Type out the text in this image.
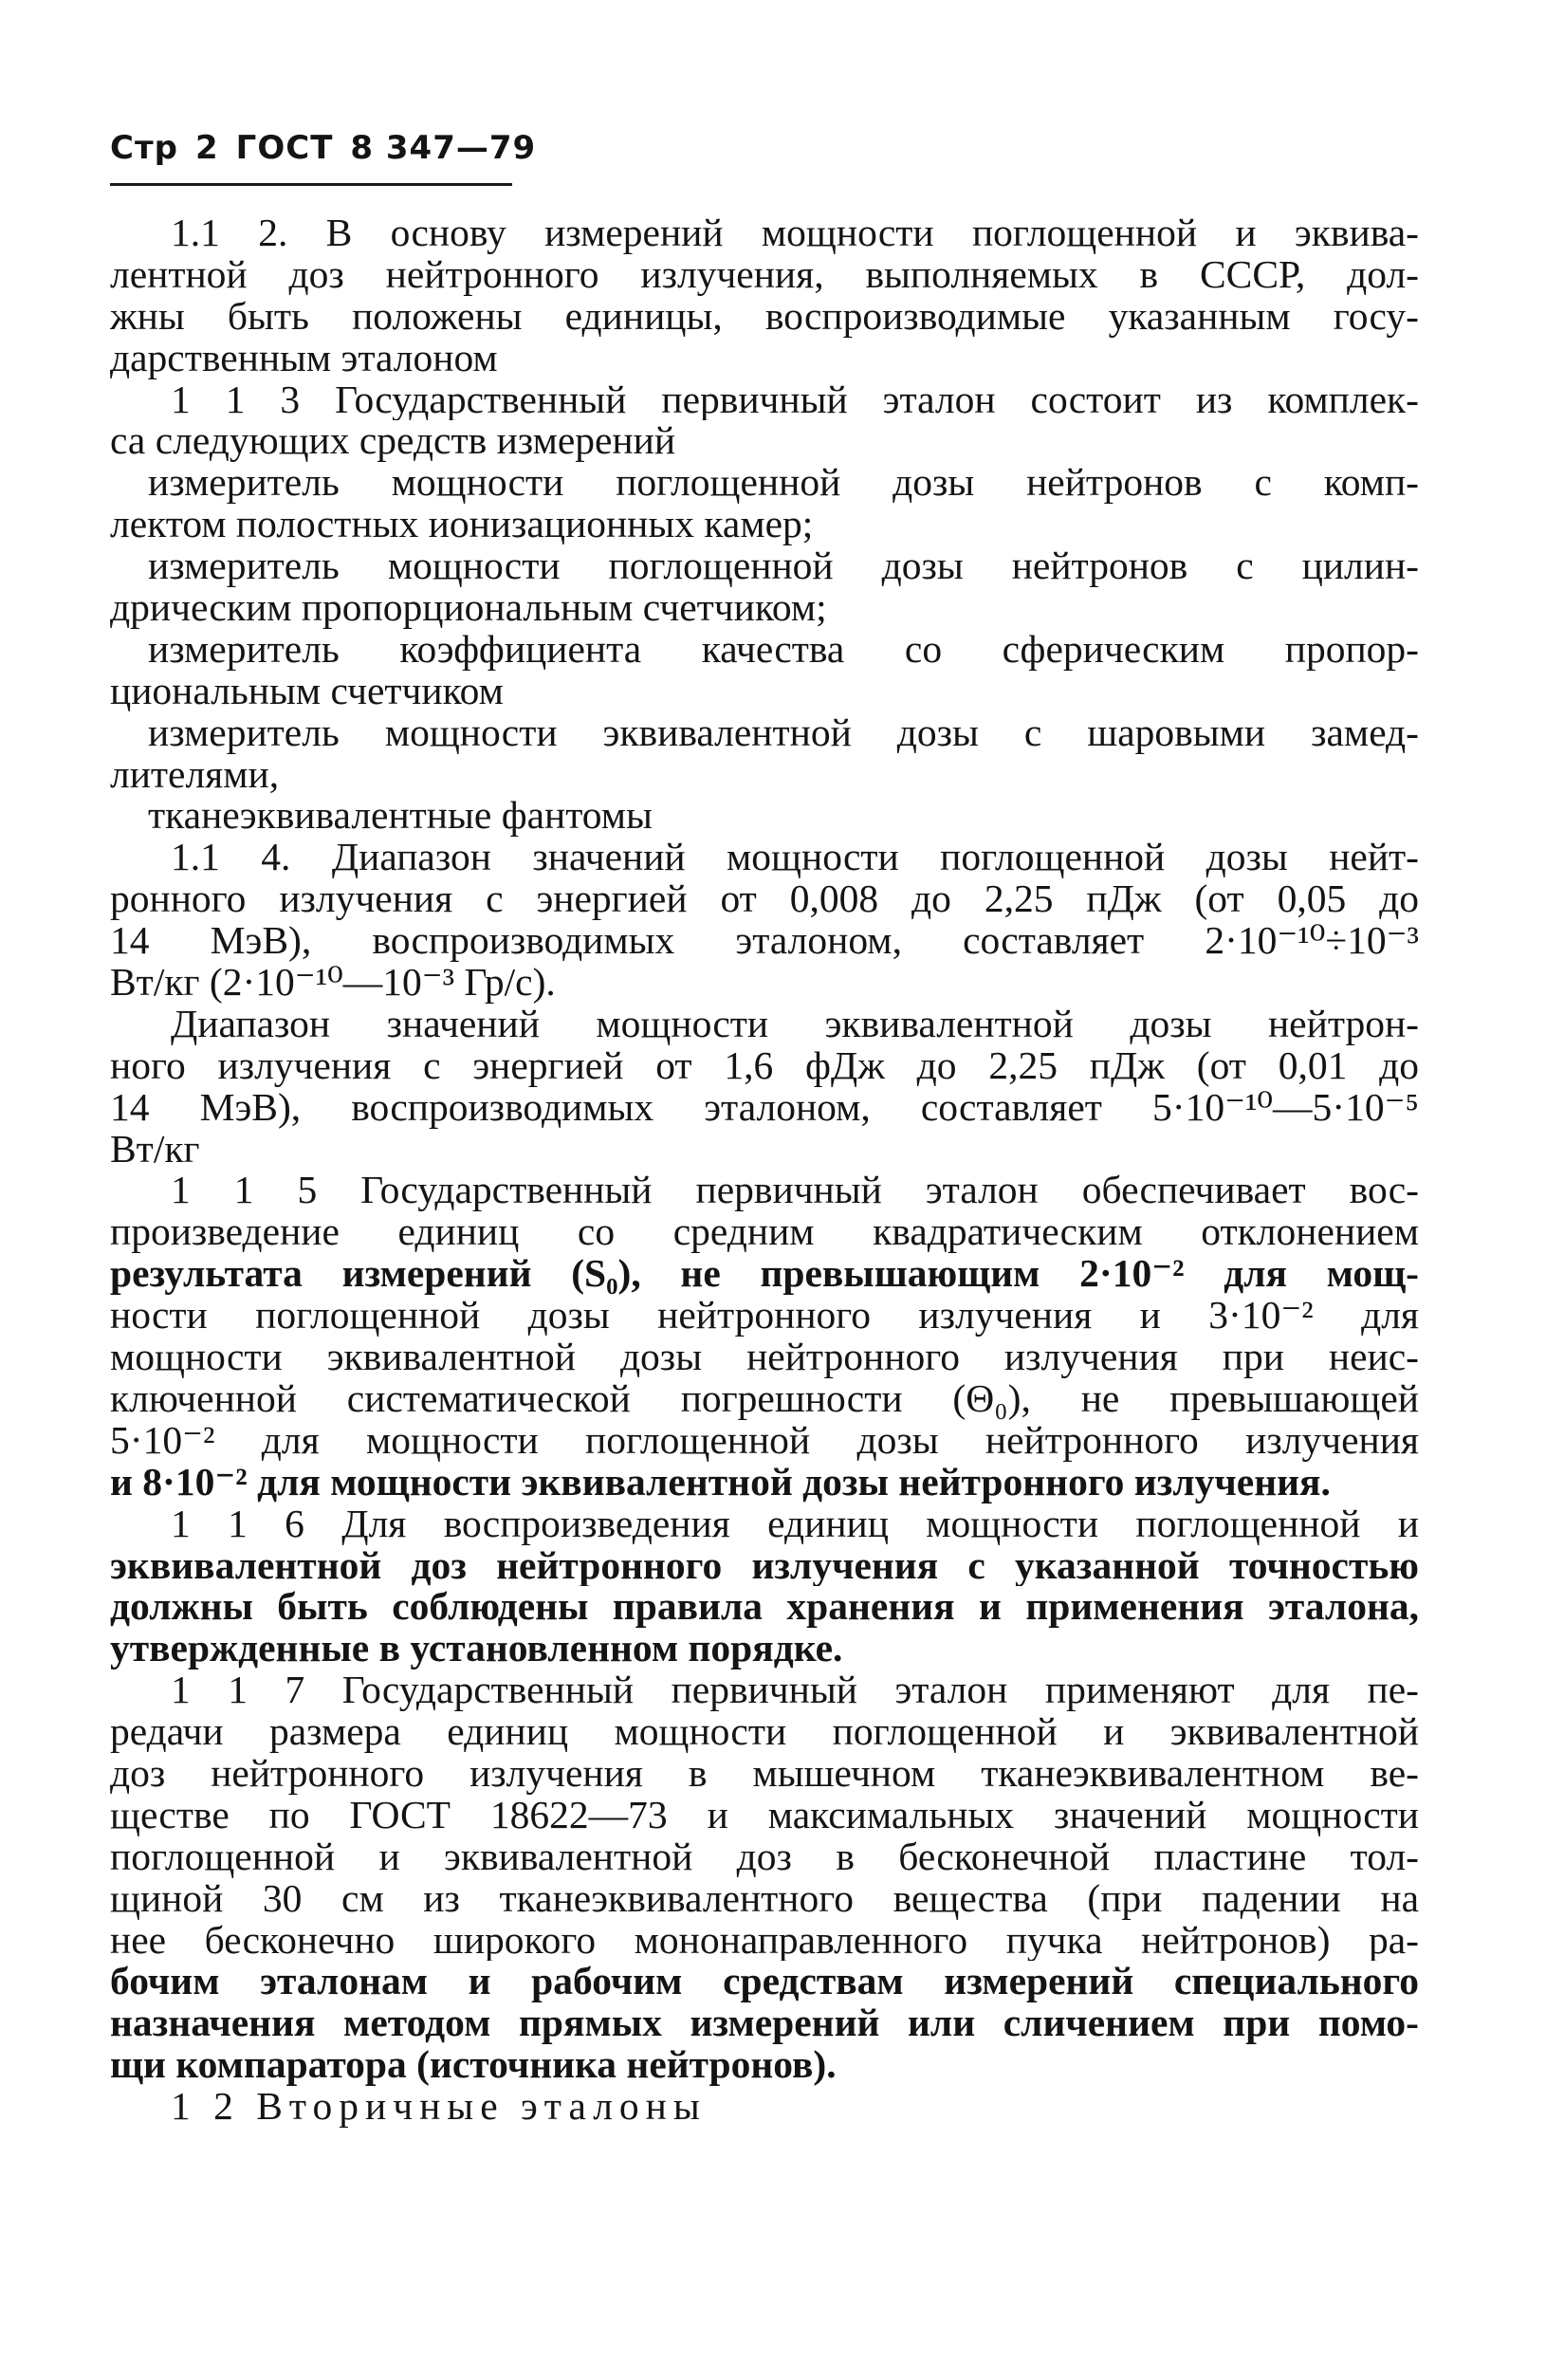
Стр 2 ГОСТ 8 347—79
1.1 2. В основу измерений мощности поглощенной и эквива-
лентной доз нейтронного излучения, выполняемых в СССР, дол-
жны быть положены единицы, воспроизводимые указанным госу-
дарственным эталоном
1 1 3 Государственный первичный эталон состоит из комплек-
са следующих средств измерений
измеритель мощности поглощенной дозы нейтронов с комп-
лектом полостных ионизационных камер;
измеритель мощности поглощенной дозы нейтронов с цилин-
дрическим пропорциональным счетчиком;
измеритель коэффициента качества со сферическим пропор-
циональным счетчиком
измеритель мощности эквивалентной дозы с шаровыми замед-
лителями,
тканеэквивалентные фантомы
1.1 4. Диапазон значений мощности поглощенной дозы нейт-
ронного излучения с энергией от 0,008 до 2,25 пДж (от 0,05 до
14 МэВ), воспроизводимых эталоном, составляет 2·10⁻¹⁰÷10⁻³
Вт/кг (2·10⁻¹⁰—10⁻³ Гр/с).
Диапазон значений мощности эквивалентной дозы нейтрон-
ного излучения с энергией от 1,6 фДж до 2,25 пДж (от 0,01 до
14 МэВ), воспроизводимых эталоном, составляет 5·10⁻¹⁰—5·10⁻⁵
Вт/кг
1 1 5 Государственный первичный эталон обеспечивает вос-
произведение единиц со средним квадратическим отклонением
результата измерений (S₀), не превышающим 2·10⁻² для мощ-
ности поглощенной дозы нейтронного излучения и 3·10⁻² для
мощности эквивалентной дозы нейтронного излучения при неис-
ключенной систематической погрешности (Θ₀), не превышающей
5·10⁻² для мощности поглощенной дозы нейтронного излучения
и 8·10⁻² для мощности эквивалентной дозы нейтронного излучения.
1 1 6 Для воспроизведения единиц мощности поглощенной и
эквивалентной доз нейтронного излучения с указанной точностью
должны быть соблюдены правила хранения и применения эталона,
утвержденные в установленном порядке.
1 1 7 Государственный первичный эталон применяют для пе-
редачи размера единиц мощности поглощенной и эквивалентной
доз нейтронного излучения в мышечном тканеэквивалентном ве-
ществе по ГОСТ 18622—73 и максимальных значений мощности
поглощенной и эквивалентной доз в бесконечной пластине тол-
щиной 30 см из тканеэквивалентного вещества (при падении на
нее бесконечно широкого мононаправленного пучка нейтронов) ра-
бочим эталонам и рабочим средствам измерений специального
назначения методом прямых измерений или сличением при помо-
щи компаратора (источника нейтронов).
1 2 Вторичные эталоны
